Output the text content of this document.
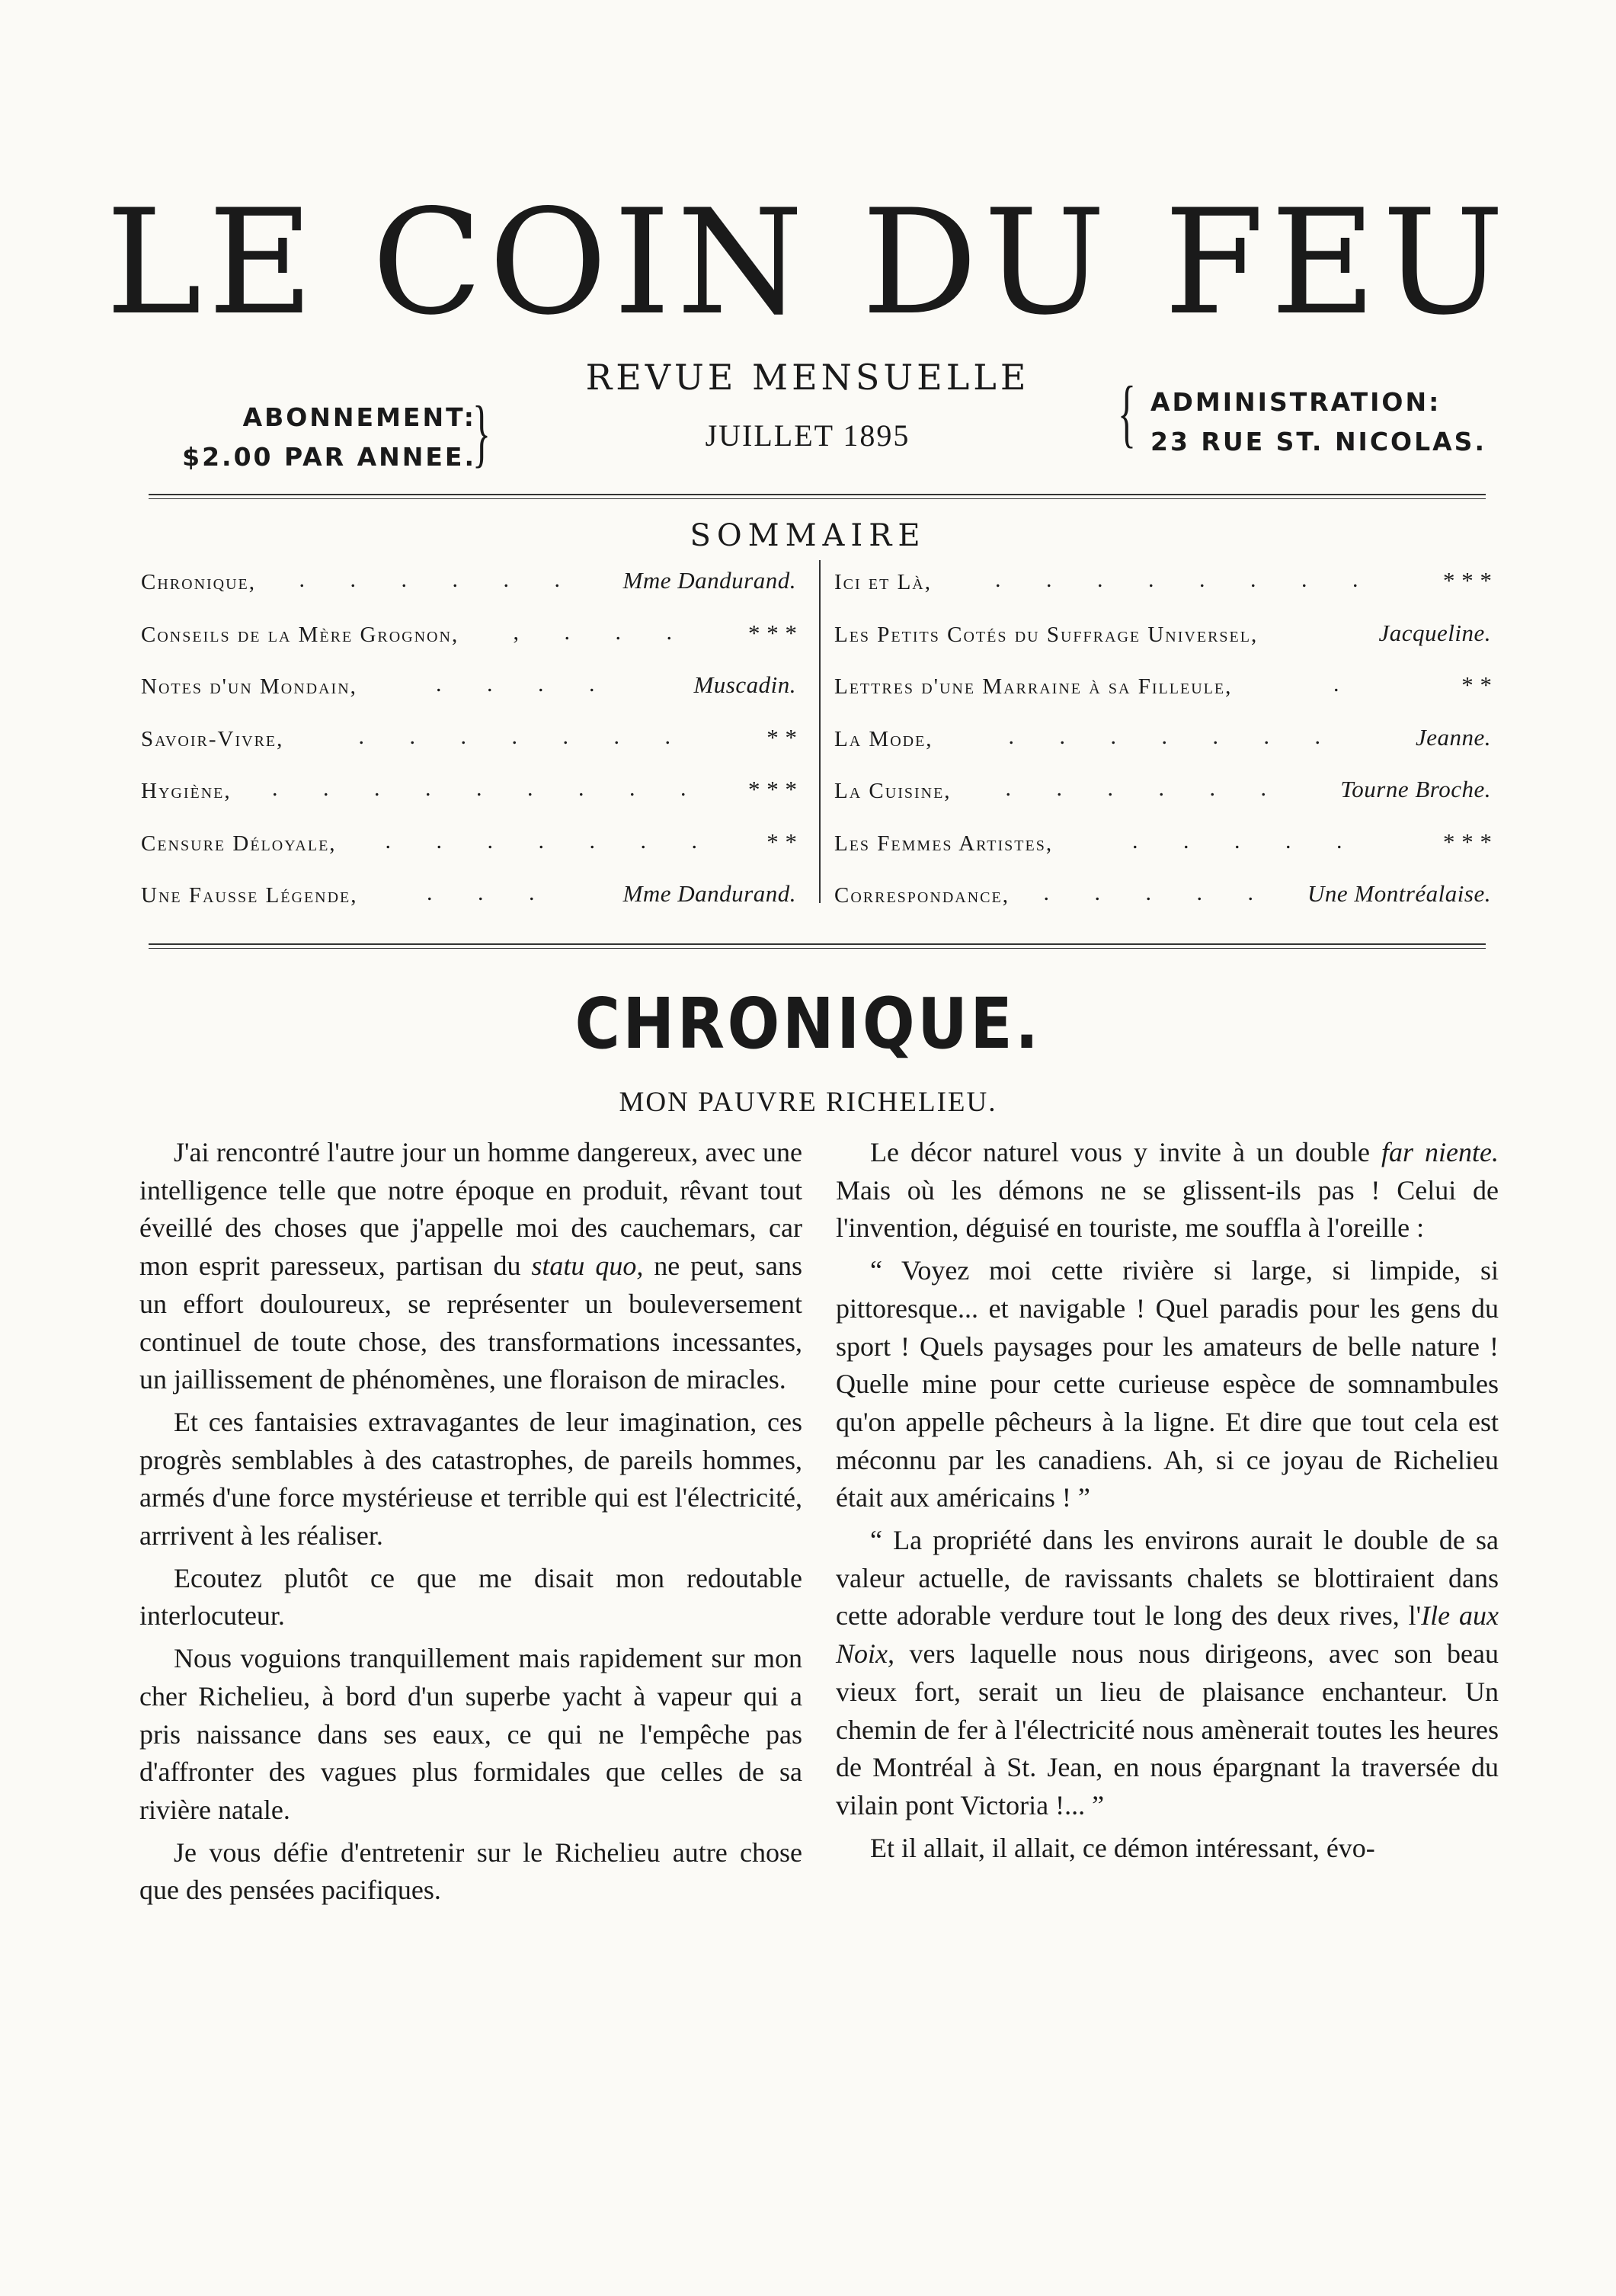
LE COIN DU FEU
ABONNEMENT:
$2.00 PAR ANNEE.
}
REVUE MENSUELLE
JUILLET 1895	{ ADMINISTRATION:
23 RUE ST. NICOLAS.
SOMMAIRE
Chronique,	Mme Dandurand.
. . . . . .
Conseils de la Mère Grognon,	* * *
, . . .
Notes d'un Mondain,	Muscadin.
. . . .
Savoir-Vivre,	* *
. . . . . . .
Hygiène,	* * *
. . . . . . . . .
Censure Déloyale,	* *
. . . . . . .
Une Fausse Légende,	Mme Dandurand.
. . .
Ici et Là,	* * *
. . . . . . . .
Les Petits Cotés du Suffrage Universel,	Jacqueline.
Lettres d'une Marraine à sa Filleule,	* *
.
La Mode,	Jeanne.
. . . . . . .
La Cuisine,	Tourne Broche.
. . . . . .
Les Femmes Artistes,	* * *
. . . . .
Correspondance,	Une Montréalaise.
. . . . .
CHRONIQUE.
MON PAUVRE RICHELIEU.

J'ai rencontré l'autre jour un homme dangereux, avec une intelligence telle que notre époque en produit, rêvant tout éveillé des choses que j'appelle moi des cauchemars, car mon esprit paresseux, partisan du statu quo, ne peut, sans un effort douloureux, se représenter un bouleversement continuel de toute chose, des transformations incessantes, un jaillissement de phénomènes, une floraison de miracles.

Et ces fantaisies extravagantes de leur imagination, ces progrès semblables à des catastrophes, de pareils hommes, armés d'une force mystérieuse et terrible qui est l'électricité, arrrivent à les réaliser.

Ecoutez plutôt ce que me disait mon redoutable interlocuteur.

Nous voguions tranquillement mais rapidement sur mon cher Richelieu, à bord d'un superbe yacht à vapeur qui a pris naissance dans ses eaux, ce qui ne l'empêche pas d'affronter des vagues plus formidales que celles de sa rivière natale.

Je vous défie d'entretenir sur le Richelieu autre chose que des pensées pacifiques.

Le décor naturel vous y invite à un double far niente. Mais où les démons ne se glissent-ils pas ! Celui de l'invention, déguisé en touriste, me souffla à l'oreille :

“ Voyez moi cette rivière si large, si limpide, si pittoresque... et navigable ! Quel paradis pour les gens du sport ! Quels paysages pour les amateurs de belle nature ! Quelle mine pour cette curieuse espèce de somnambules qu'on appelle pêcheurs à la ligne. Et dire que tout cela est méconnu par les canadiens. Ah, si ce joyau de Richelieu était aux américains ! ”

“ La propriété dans les environs aurait le double de sa valeur actuelle, de ravissants chalets se blottiraient dans cette adorable verdure tout le long des deux rives, l'Ile aux Noix, vers laquelle nous nous dirigeons, avec son beau vieux fort, serait un lieu de plaisance enchanteur. Un chemin de fer à l'électricité nous amènerait toutes les heures de Montréal à St. Jean, en nous épargnant la traversée du vilain pont Victoria !... ”

Et il allait, il allait, ce démon intéressant, évo-
